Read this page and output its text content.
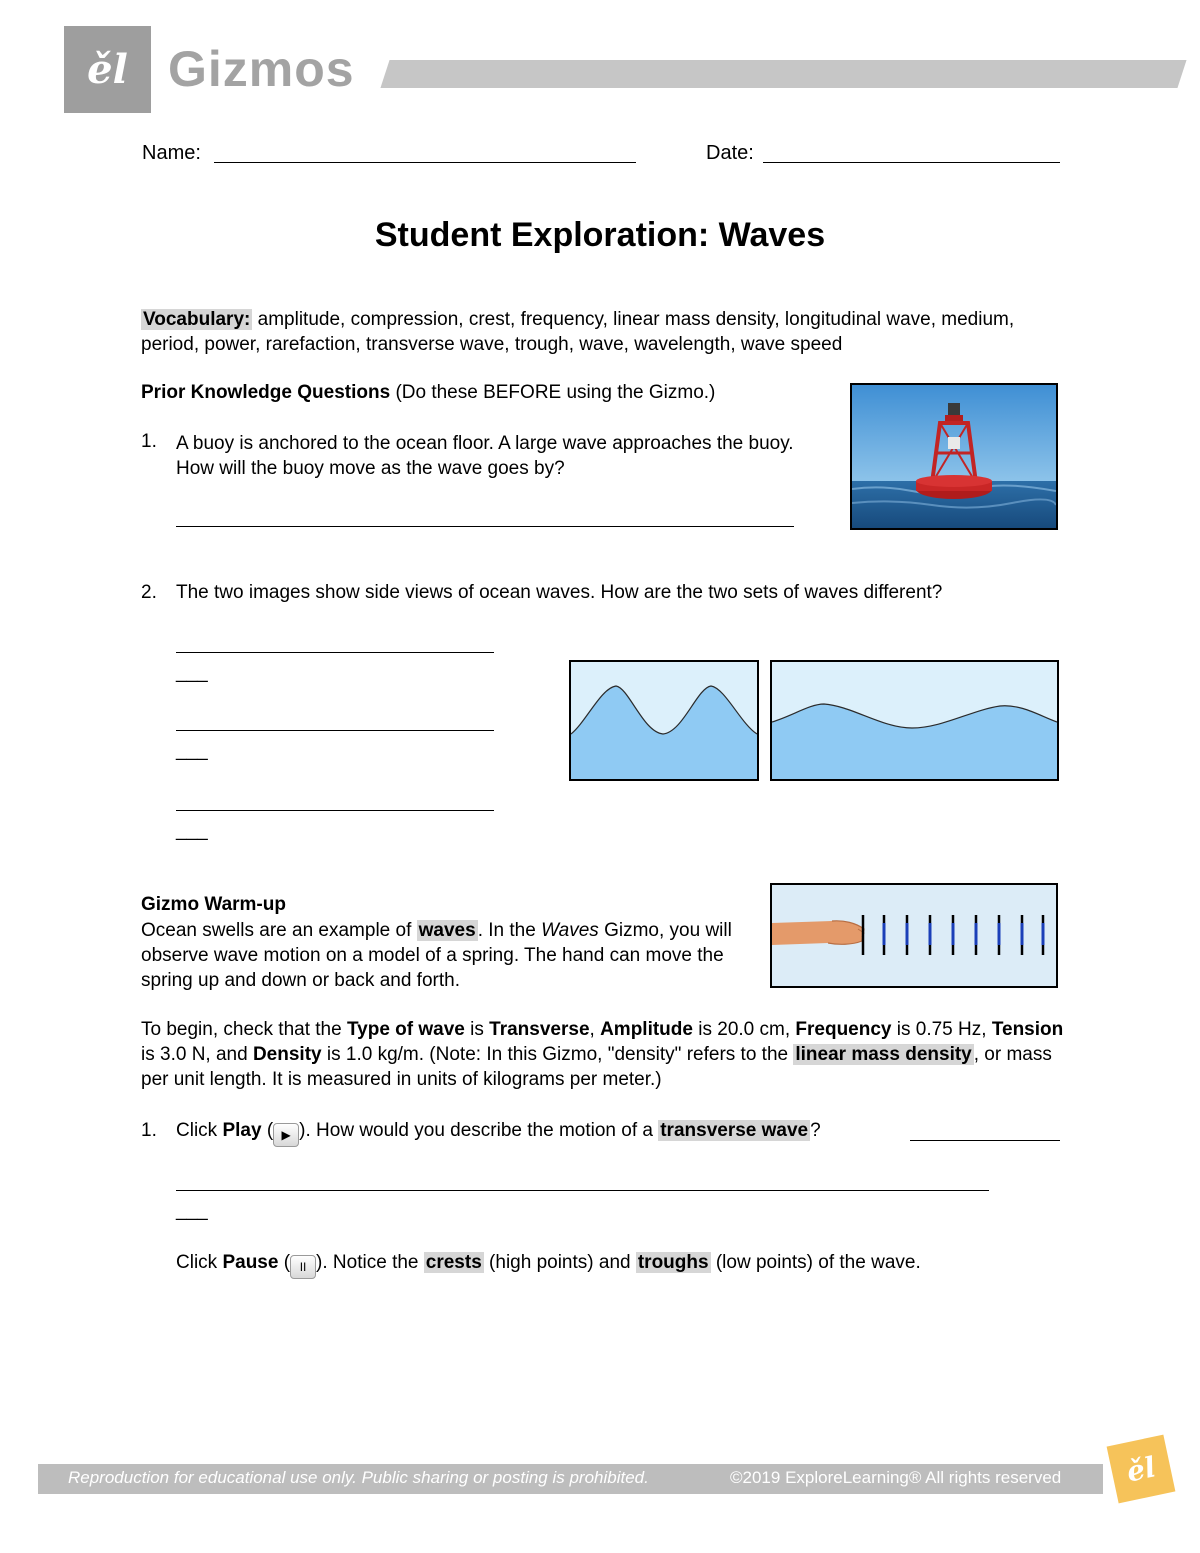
ěl Gizmos
Name:	Date:
Student Exploration: Waves
Vocabulary: amplitude, compression, crest, frequency, linear mass density, longitudinal wave, medium, period, power, rarefaction, transverse wave, trough, wave, wavelength, wave speed
Prior Knowledge Questions (Do these BEFORE using the Gizmo.)
1. A buoy is anchored to the ocean floor. A large wave approaches the buoy. How will the buoy move as the wave goes by?
2. The two images show side views of ocean waves. How are the two sets of waves different?
___
___
___
Gizmo Warm-up
Ocean swells are an example of waves . In the Waves Gizmo, you will observe wave motion on a model of a spring. The hand can move the spring up and down or back and forth.
To begin, check that the Type of wave is Transverse, Amplitude is 20.0 cm, Frequency is 0.75 Hz, Tension is 3.0 N, and Density is 1.0 kg/m. (Note: In this Gizmo, "density" refers to the linear mass density , or mass per unit length. It is measured in units of kilograms per meter.)
1. Click Play ( ▶ ). How would you describe the motion of a transverse wave ?
___
Click Pause ( II ). Notice the crests (high points) and troughs (low points) of the wave.
Reproduction for educational use only. Public sharing or posting is prohibited.	©2019 ExploreLearning® All rights reserved	ěl
